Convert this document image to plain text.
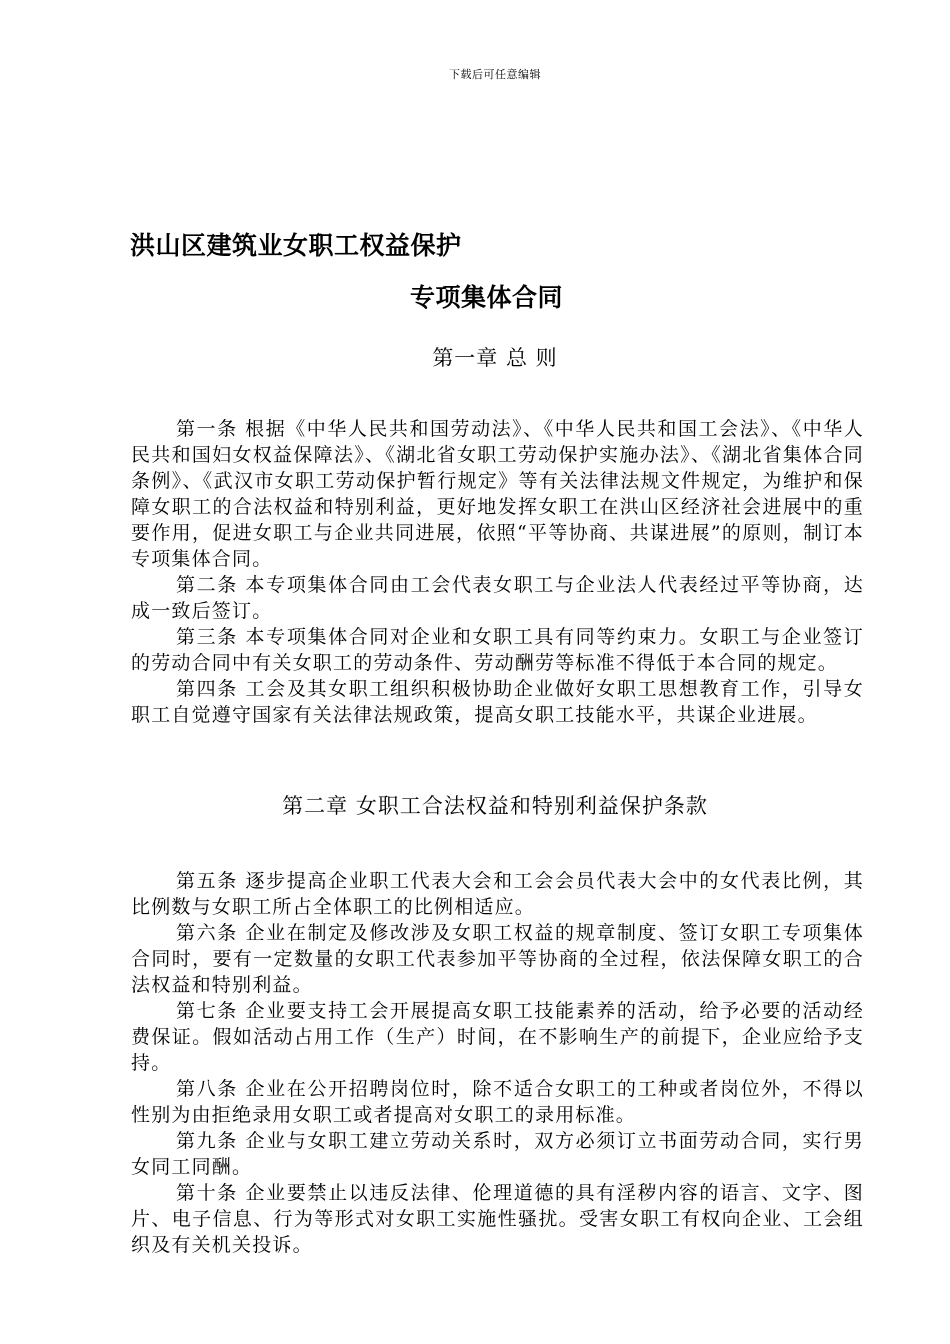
下载后可任意编辑
洪山区建筑业女职工权益保护
专项集体合同
第一章 总 则

第一条 根据《中华人民共和国劳动法》、《中华人民共和国工会法》、《中华人民共和国妇女权益保障法》、《湖北省女职工劳动保护实施办法》、《湖北省集体合同条例》、《武汉市女职工劳动保护暂行规定》等有关法律法规文件规定，为维护和保障女职工的合法权益和特别利益，更好地发挥女职工在洪山区经济社会进展中的重要作用，促进女职工与企业共同进展，依照“平等协商、共谋进展”的原则，制订本专项集体合同。

第二条 本专项集体合同由工会代表女职工与企业法人代表经过平等协商，达成一致后签订。

第三条 本专项集体合同对企业和女职工具有同等约束力。女职工与企业签订的劳动合同中有关女职工的劳动条件、劳动酬劳等标准不得低于本合同的规定。

第四条 工会及其女职工组织积极协助企业做好女职工思想教育工作，引导女职工自觉遵守国家有关法律法规政策，提高女职工技能水平，共谋企业进展。

第二章 女职工合法权益和特别利益保护条款

第五条 逐步提高企业职工代表大会和工会会员代表大会中的女代表比例，其比例数与女职工所占全体职工的比例相适应。

第六条 企业在制定及修改涉及女职工权益的规章制度、签订女职工专项集体合同时，要有一定数量的女职工代表参加平等协商的全过程，依法保障女职工的合法权益和特别利益。

第七条 企业要支持工会开展提高女职工技能素养的活动，给予必要的活动经费保证。假如活动占用工作（生产）时间，在不影响生产的前提下，企业应给予支持。

第八条 企业在公开招聘岗位时，除不适合女职工的工种或者岗位外，不得以性别为由拒绝录用女职工或者提高对女职工的录用标准。

第九条 企业与女职工建立劳动关系时，双方必须订立书面劳动合同，实行男女同工同酬。

第十条 企业要禁止以违反法律、伦理道德的具有淫秽内容的语言、文字、图片、电子信息、行为等形式对女职工实施性骚扰。受害女职工有权向企业、工会组织及有关机关投诉。
